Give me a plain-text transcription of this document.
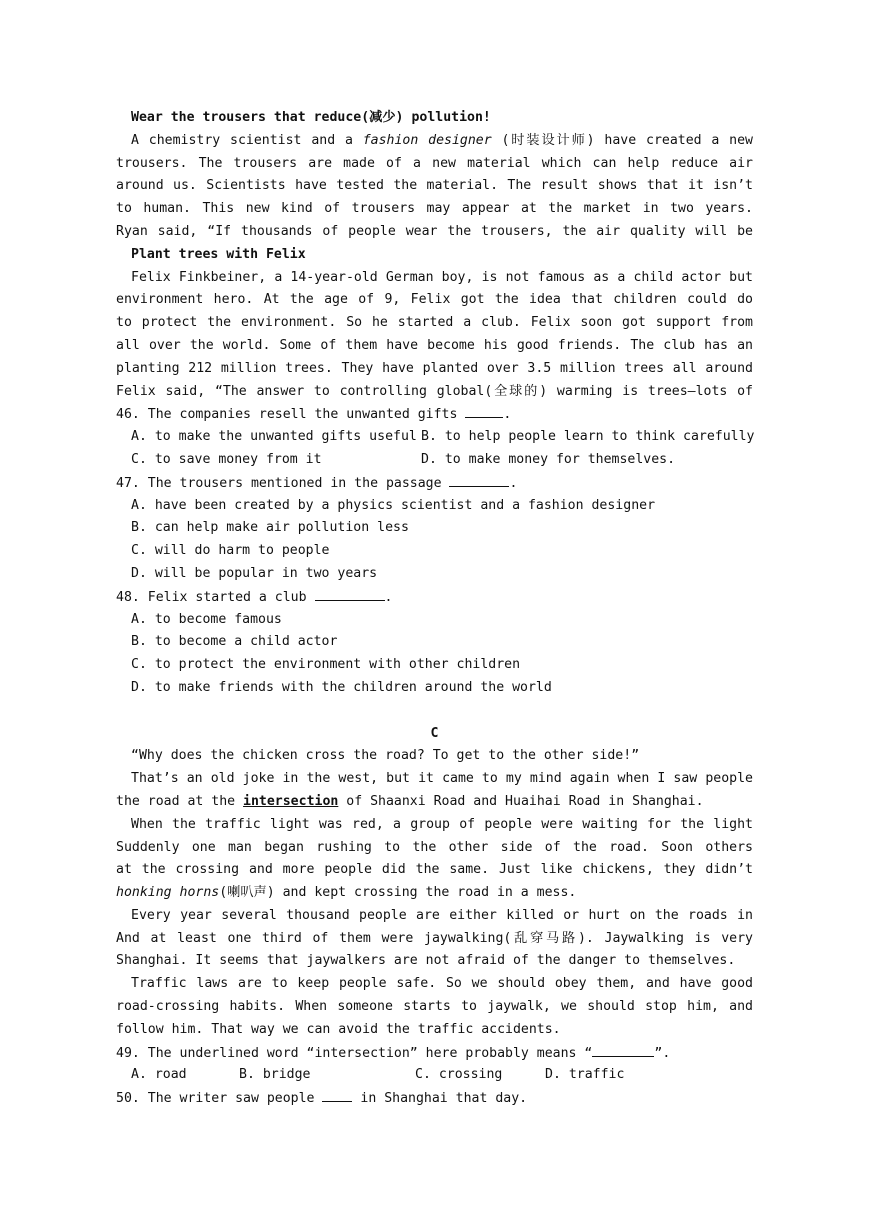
Wear the trousers that reduce(减少) pollution!
A chemistry scientist and a fashion designer (时装设计师) have created a new
trousers. The trousers are made of a new material which can help reduce air
around us. Scientists have tested the material. The result shows that it isn’t
to human. This new kind of trousers may appear at the market in two years.
Ryan said, “If thousands of people wear the trousers, the air quality will be
Plant trees with Felix
Felix Finkbeiner, a 14-year-old German boy, is not famous as a child actor but
environment hero. At the age of 9, Felix got the idea that children could do
to protect the environment. So he started a club. Felix soon got support from
all over the world. Some of them have become his good friends. The club has an
planting 212 million trees. They have planted over 3.5 million trees all around
Felix said, “The answer to controlling global(全球的) warming is trees—lots of
46. The companies resell the unwanted gifts	.
A. to make the unwanted gifts useful B. to help people learn to think carefully
C. to save money from it	D. to make money for themselves.
47. The trousers mentioned in the passage	.
A. have been created by a physics scientist and a fashion designer
B. can help make air pollution less
C. will do harm to people
D. will be popular in two years
48. Felix started a club	.
A. to become famous
B. to become a child actor
C. to protect the environment with other children
D. to make friends with the children around the world
C
“Why does the chicken cross the road? To get to the other side!”
That’s an old joke in the west, but it came to my mind again when I saw people
the road at the intersection of Shaanxi Road and Huaihai Road in Shanghai.
When the traffic light was red, a group of people were waiting for the light
Suddenly one man began rushing to the other side of the road. Soon others
at the crossing and more people did the same. Just like chickens, they didn’t
honking horns(喇叭声) and kept crossing the road in a mess.
Every year several thousand people are either killed or hurt on the roads in
And at least one third of them were jaywalking(乱穿马路). Jaywalking is very
Shanghai. It seems that jaywalkers are not afraid of the danger to themselves.
Traffic laws are to keep people safe. So we should obey them, and have good
road-crossing habits. When someone starts to jaywalk, we should stop him, and
follow him. That way we can avoid the traffic accidents.
49. The underlined word “intersection” here probably means “	”.
A. road	B. bridge	C. crossing	D. traffic
50. The writer saw people	in Shanghai that day.
